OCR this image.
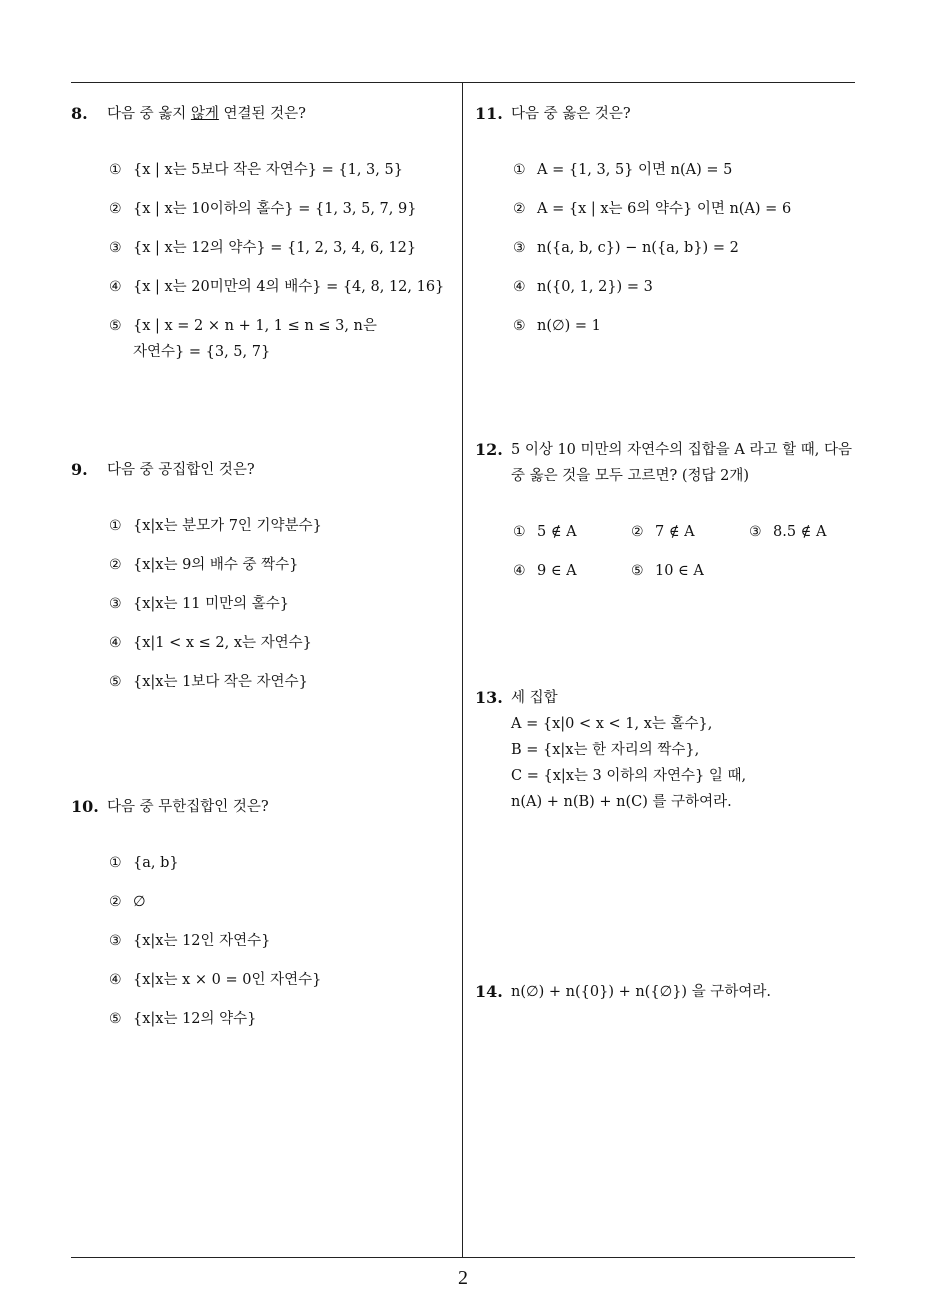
8.	다음 중 옳지 않게 연결된 것은?
① {x | x는 5보다 작은 자연수} = {1, 3, 5}
② {x | x는 10이하의 홀수} = {1, 3, 5, 7, 9}
③ {x | x는 12의 약수} = {1, 2, 3, 4, 6, 12}
④ {x | x는 20미만의 4의 배수} = {4, 8, 12, 16}
⑤ {x | x = 2 × n + 1, 1 ≤ n ≤ 3, n은
자연수} = {3, 5, 7}
9.	다음 중 공집합인 것은?
① {x|x는 분모가 7인 기약분수}
② {x|x는 9의 배수 중 짝수}
③ {x|x는 11 미만의 홀수}
④ {x|1 < x ≤ 2, x는 자연수}
⑤ {x|x는 1보다 작은 자연수}
10. 다음 중 무한집합인 것은?
① {a, b}
② ∅
③ {x|x는 12인 자연수}
④ {x|x는 x × 0 = 0인 자연수}
⑤ {x|x는 12의 약수}
11. 다음 중 옳은 것은?
① A = {1, 3, 5} 이면 n(A) = 5
② A = {x | x는 6의 약수} 이면 n(A) = 6
③ n({a, b, c}) − n({a, b}) = 2
④ n({0, 1, 2}) = 3
⑤ n(∅) = 1
12. 5 이상 10 미만의 자연수의 집합을 A 라고 할 때, 다음 중 옳은 것을 모두 고르면? (정답 2개)
① 5 ∉ A	② 7 ∉ A	③ 8.5 ∉ A
④ 9 ∈ A	⑤ 10 ∈ A
13. 세 집합
A = {x|0 < x < 1, x는 홀수},
B = {x|x는 한 자리의 짝수},
C = {x|x는 3 이하의 자연수} 일 때,
n(A) + n(B) + n(C) 를 구하여라.
14. n(∅) + n({0}) + n({∅}) 을 구하여라.
2
